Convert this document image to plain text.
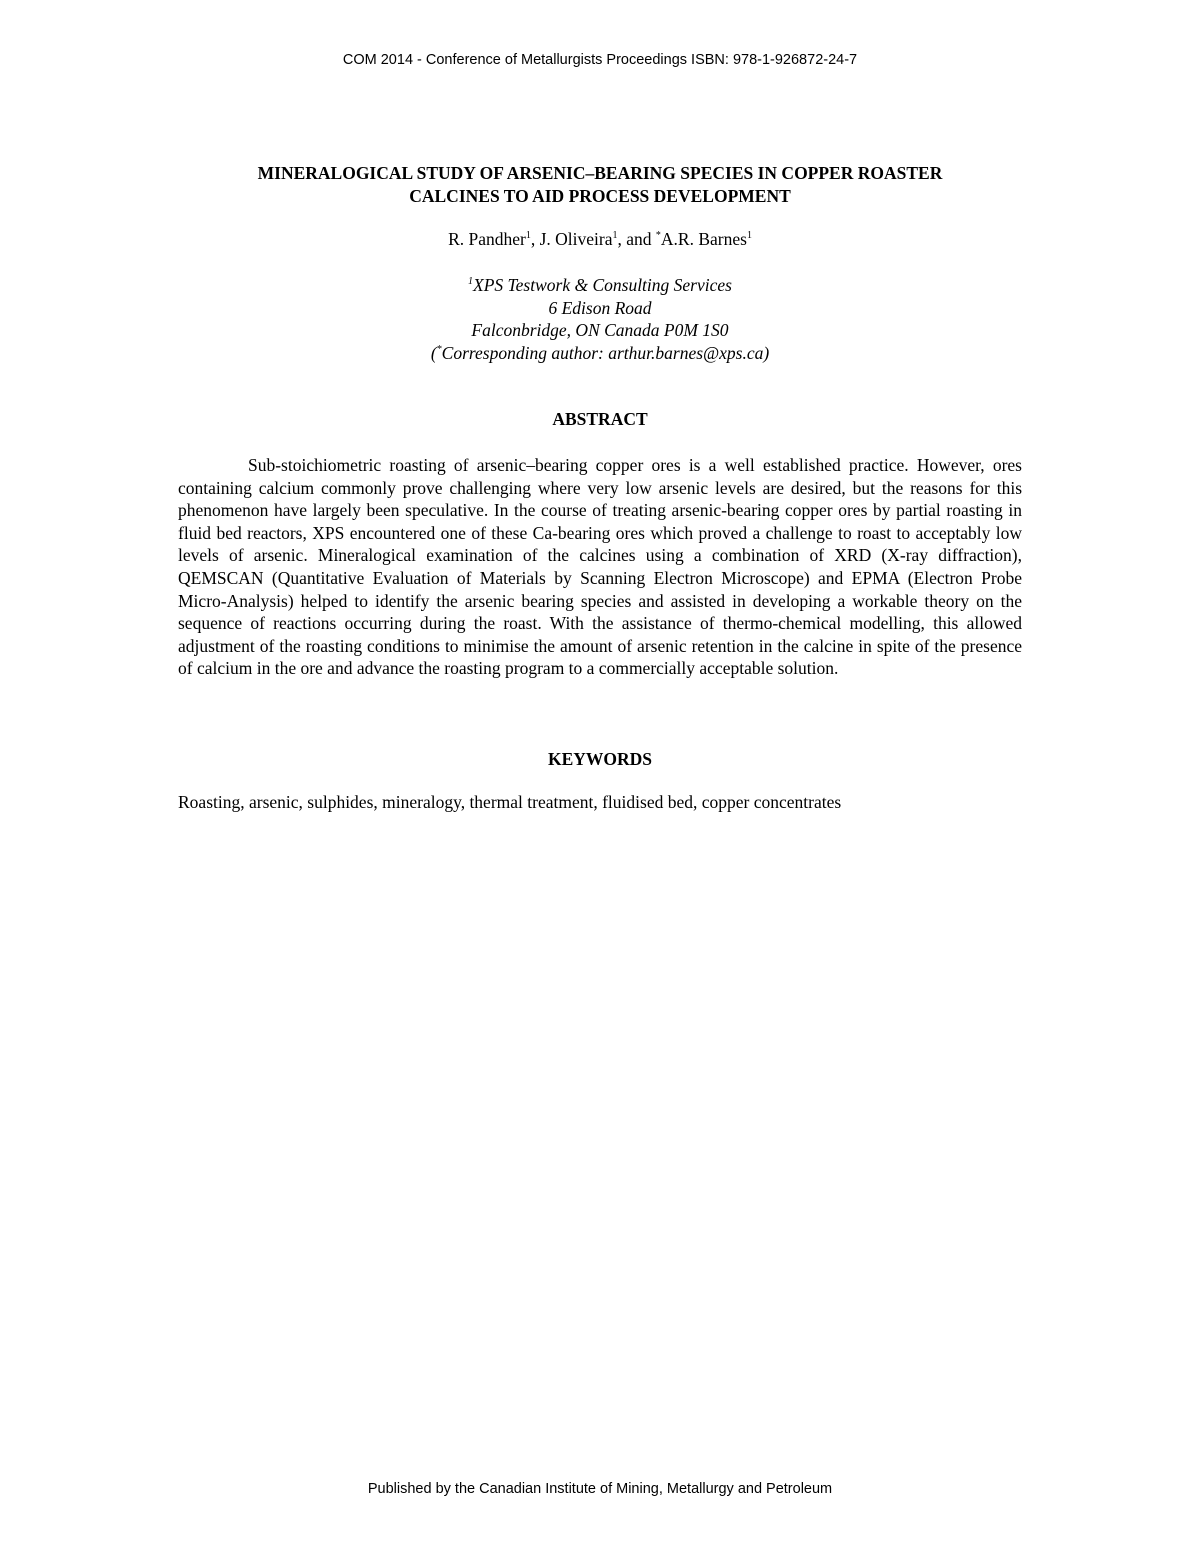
COM 2014 - Conference of Metallurgists Proceedings ISBN: 978-1-926872-24-7
MINERALOGICAL STUDY OF ARSENIC–BEARING SPECIES IN COPPER ROASTER
CALCINES TO AID PROCESS DEVELOPMENT
R. Pandher$^1$, J. Oliveira$^1$, and *A.R. Barnes$^1$
$^1$XPS Testwork & Consulting Services
6 Edison Road
Falconbridge, ON Canada P0M 1S0
(*Corresponding author: arthur.barnes@xps.ca)
ABSTRACT
Sub-stoichiometric roasting of arsenic–bearing copper ores is a well established practice. However, ores containing calcium commonly prove challenging where very low arsenic levels are desired, but the reasons for this phenomenon have largely been speculative. In the course of treating arsenic-bearing copper ores by partial roasting in fluid bed reactors, XPS encountered one of these Ca-bearing ores which proved a challenge to roast to acceptably low levels of arsenic. Mineralogical examination of the calcines using a combination of XRD (X-ray diffraction), QEMSCAN (Quantitative Evaluation of Materials by Scanning Electron Microscope) and EPMA (Electron Probe Micro-Analysis) helped to identify the arsenic bearing species and assisted in developing a workable theory on the sequence of reactions occurring during the roast. With the assistance of thermo-chemical modelling, this allowed adjustment of the roasting conditions to minimise the amount of arsenic retention in the calcine in spite of the presence of calcium in the ore and advance the roasting program to a commercially acceptable solution.
KEYWORDS
Roasting, arsenic, sulphides, mineralogy, thermal treatment, fluidised bed, copper concentrates
Published by the Canadian Institute of Mining, Metallurgy and Petroleum
